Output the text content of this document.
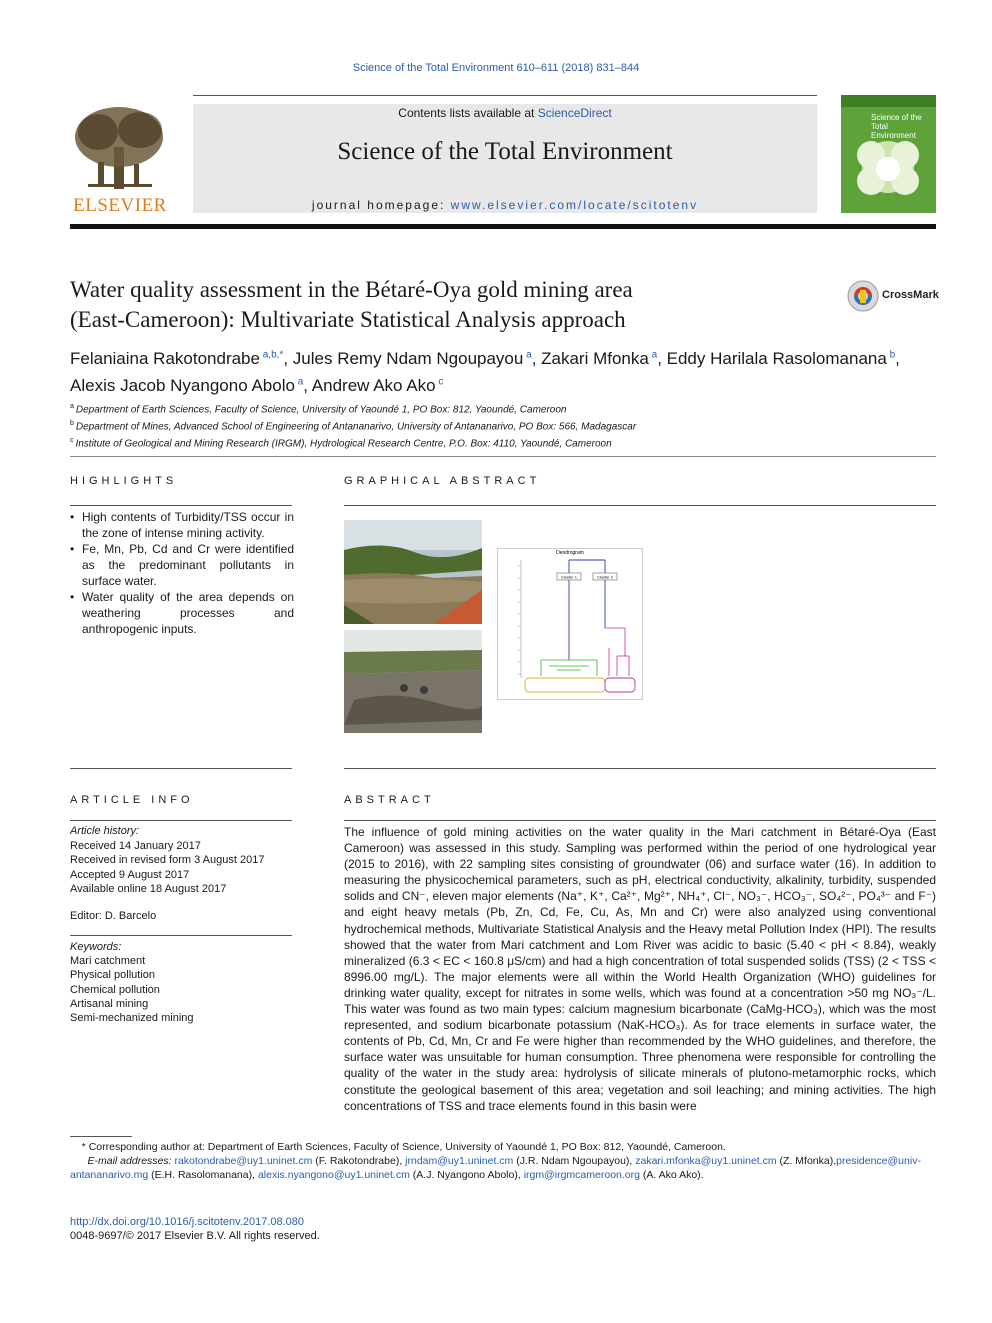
Science of the Total Environment 610–611 (2018) 831–844
ELSEVIER
Contents lists available at ScienceDirect
Science of the Total Environment
journal homepage: www.elsevier.com/locate/scitotenv
Science of the Total Environment
Water quality assessment in the Bétaré-Oya gold mining area
(East-Cameroon): Multivariate Statistical Analysis approach
CrossMark
Felaniaina Rakotondrabe $^{a,b,*}$, Jules Remy Ndam Ngoupayou $^a$, Zakari Mfonka $^a$, Eddy Harilala Rasolomanana $^b$,
Alexis Jacob Nyangono Abolo $^a$, Andrew Ako Ako $^c$
$^a$ Department of Earth Sciences, Faculty of Science, University of Yaoundé 1, PO Box: 812, Yaoundé, Cameroon
$^b$ Department of Mines, Advanced School of Engineering of Antananarivo, University of Antananarivo, PO Box: 566, Madagascar
$^c$ Institute of Geological and Mining Research (IRGM), Hydrological Research Centre, P.O. Box: 4110, Yaoundé, Cameroon
HIGHLIGHTS
• High contents of Turbidity/TSS occur in the zone of intense mining activity.
• Fe, Mn, Pb, Cd and Cr were identified as the predominant pollutants in surface water.
• Water quality of the area depends on weathering processes and anthropogenic inputs.
GRAPHICAL ABSTRACT
Dendrogram
Cluster 1	Cluster 2
ARTICLE INFO
Article history:
Received 14 January 2017
Received in revised form 3 August 2017
Accepted 9 August 2017
Available online 18 August 2017
Editor: D. Barcelo
Keywords:
Mari catchment
Physical pollution
Chemical pollution
Artisanal mining
Semi-mechanized mining
ABSTRACT
The influence of gold mining activities on the water quality in the Mari catchment in Bétaré-Oya (East Cameroon) was assessed in this study. Sampling was performed within the period of one hydrological year (2015 to 2016), with 22 sampling sites consisting of groundwater (06) and surface water (16). In addition to measuring the physicochemical parameters, such as pH, electrical conductivity, alkalinity, turbidity, suspended solids and CN⁻, eleven major elements (Na⁺, K⁺, Ca²⁺, Mg²⁺, NH₄⁺, Cl⁻, NO₃⁻, HCO₃⁻, SO₄²⁻, PO₄³⁻ and F⁻) and eight heavy metals (Pb, Zn, Cd, Fe, Cu, As, Mn and Cr) were also analyzed using conventional hydrochemical methods, Multivariate Statistical Analysis and the Heavy metal Pollution Index (HPI). The results showed that the water from Mari catchment and Lom River was acidic to basic (5.40 < pH < 8.84), weakly mineralized (6.3 < EC < 160.8 μS/cm) and had a high concentration of total suspended solids (TSS) (2 < TSS < 8996.00 mg/L). The major elements were all within the World Health Organization (WHO) guidelines for drinking water quality, except for nitrates in some wells, which was found at a concentration >50 mg NO₃⁻/L. This water was found as two main types: calcium magnesium bicarbonate (CaMg-HCO₃), which was the most represented, and sodium bicarbonate potassium (NaK-HCO₃). As for trace elements in surface water, the contents of Pb, Cd, Mn, Cr and Fe were higher than recommended by the WHO guidelines, and therefore, the surface water was unsuitable for human consumption. Three phenomena were responsible for controlling the quality of the water in the study area: hydrolysis of silicate minerals of plutono-metamorphic rocks, which constitute the geological basement of this area; vegetation and soil leaching; and mining activities. The high concentrations of TSS and trace elements found in this basin were
* Corresponding author at: Department of Earth Sciences, Faculty of Science, University of Yaoundé 1, PO Box: 812, Yaoundé, Cameroon.
E-mail addresses: rakotondrabe@uy1.uninet.cm (F. Rakotondrabe), jrndam@uy1.uninet.cm (J.R. Ndam Ngoupayou), zakari.mfonka@uy1.uninet.cm (Z. Mfonka),presidence@univ-antananarivo.mg (E.H. Rasolomanana), alexis.nyangono@uy1.uninet.cm (A.J. Nyangono Abolo), irgm@irgmcameroon.org (A. Ako Ako).
http://dx.doi.org/10.1016/j.scitotenv.2017.08.080
0048-9697/© 2017 Elsevier B.V. All rights reserved.
